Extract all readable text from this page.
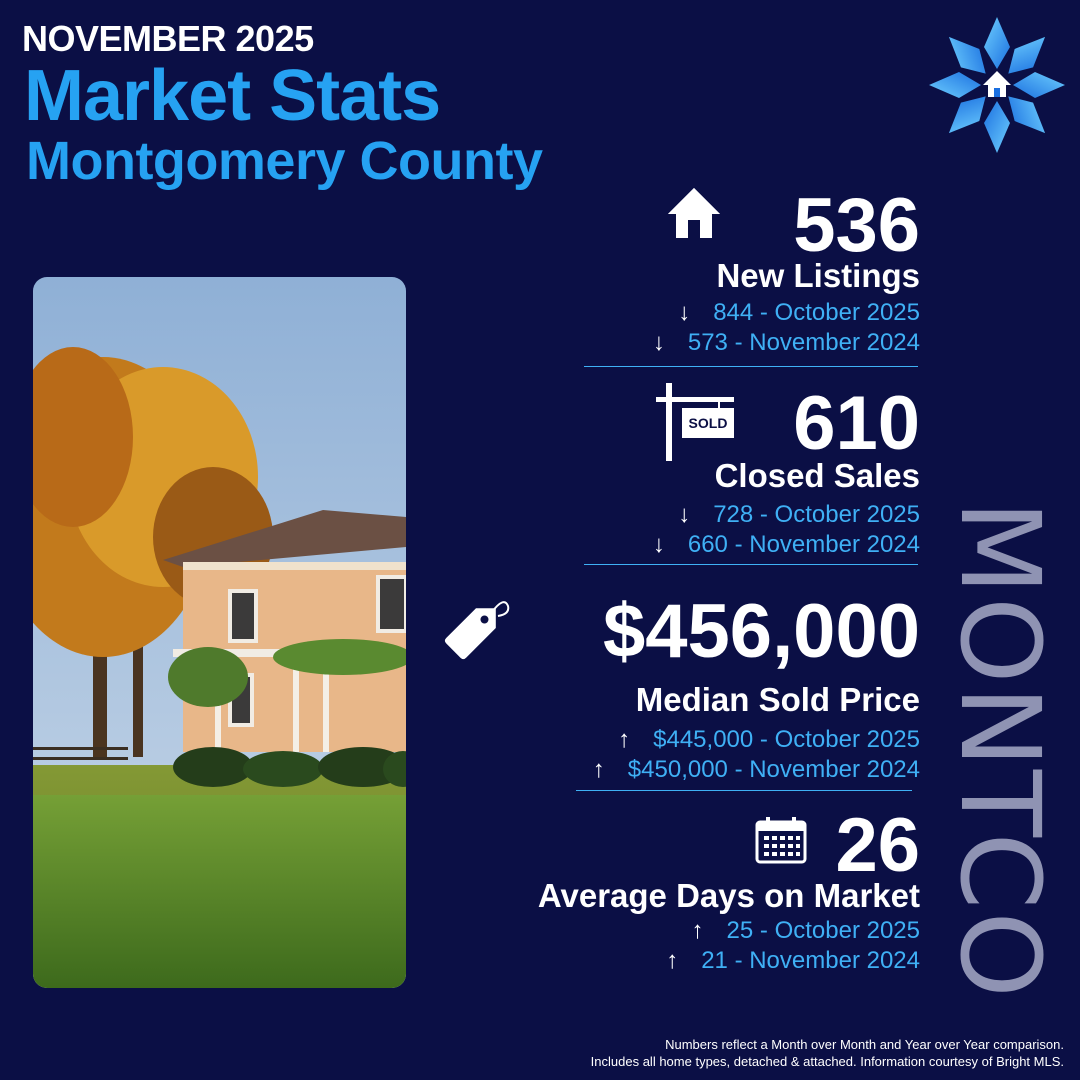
NOVEMBER 2025
Market Stats
Montgomery County
MONTCO
536
New Listings
↓ 844 - October 2025
↓ 573 - November 2024
SOLD 610
Closed Sales
↓ 728 - October 2025
↓ 660 - November 2024
$456,000
Median Sold Price
↑ $445,000 - October 2025
↑ $450,000 - November 2024
26
Average Days on Market
↑ 25 - October 2025
↑ 21 - November 2024
Numbers reflect a Month over Month and Year over Year comparison.
Includes all home types, detached & attached. Information courtesy of Bright MLS.
